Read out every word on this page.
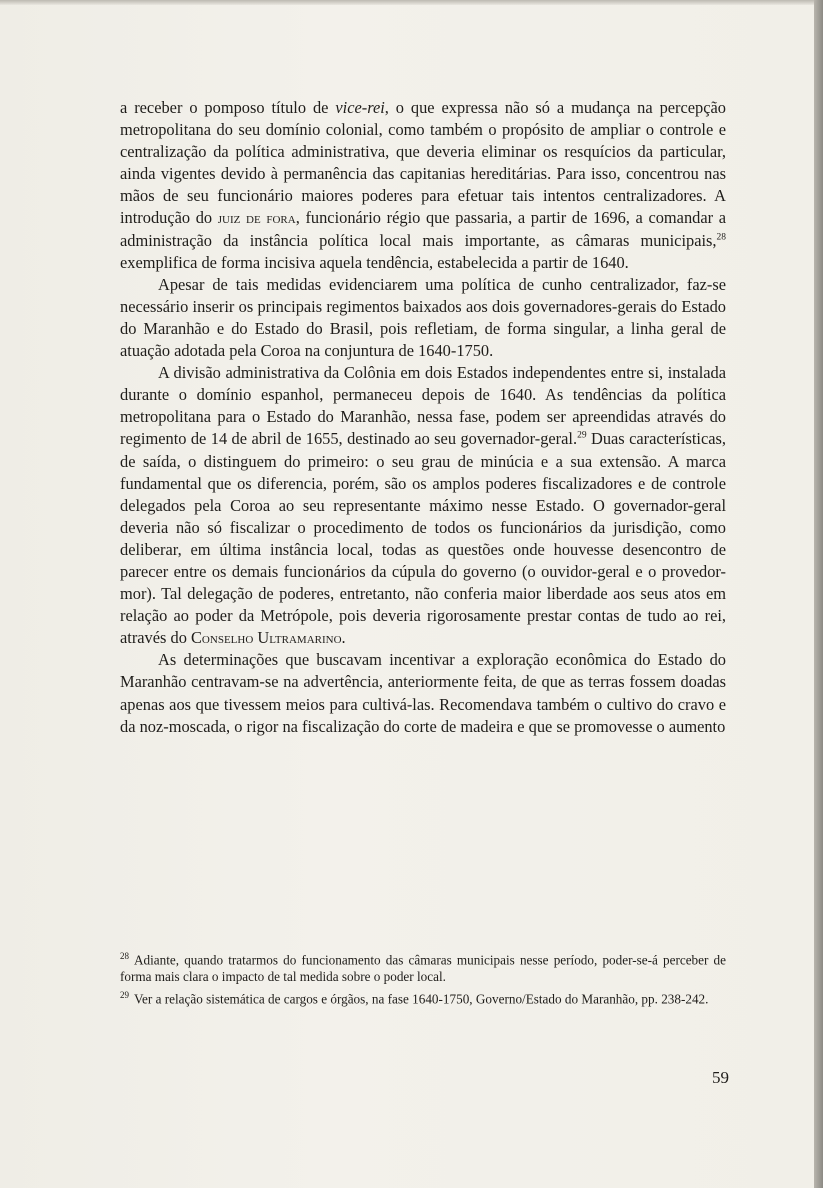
a receber o pomposo título de vice-rei, o que expressa não só a mudança na percepção metropolitana do seu domínio colonial, como também o propósito de ampliar o controle e centralização da política administrativa, que deveria eliminar os resquícios da particular, ainda vigentes devido à permanência das capitanias hereditárias. Para isso, concentrou nas mãos de seu funcionário maiores poderes para efetuar tais intentos centralizadores. A introdução do juiz de fora, funcionário régio que passaria, a partir de 1696, a comandar a administração da instância política local mais importante, as câmaras municipais,$^{28}$ exemplifica de forma incisiva aquela tendência, estabelecida a partir de 1640.

Apesar de tais medidas evidenciarem uma política de cunho centralizador, faz-se necessário inserir os principais regimentos baixados aos dois governadores-gerais do Estado do Maranhão e do Estado do Brasil, pois refletiam, de forma singular, a linha geral de atuação adotada pela Coroa na conjuntura de 1640-1750.

A divisão administrativa da Colônia em dois Estados independentes entre si, instalada durante o domínio espanhol, permaneceu depois de 1640. As tendências da política metropolitana para o Estado do Maranhão, nessa fase, podem ser apreendidas através do regimento de 14 de abril de 1655, destinado ao seu governador-geral.$^{29}$ Duas características, de saída, o distinguem do primeiro: o seu grau de minúcia e a sua extensão. A marca fundamental que os diferencia, porém, são os amplos poderes fiscalizadores e de controle delegados pela Coroa ao seu representante máximo nesse Estado. O governador-geral deveria não só fiscalizar o procedimento de todos os funcionários da jurisdição, como deliberar, em última instância local, todas as questões onde houvesse desencontro de parecer entre os demais funcionários da cúpula do governo (o ouvidor-geral e o provedor-mor). Tal delegação de poderes, entretanto, não conferia maior liberdade aos seus atos em relação ao poder da Metrópole, pois deveria rigorosamente prestar contas de tudo ao rei, através do Conselho Ultramarino.

As determinações que buscavam incentivar a exploração econômica do Estado do Maranhão centravam-se na advertência, anteriormente feita, de que as terras fossem doadas apenas aos que tivessem meios para cultivá-las. Recomendava também o cultivo do cravo e da noz-moscada, o rigor na fiscalização do corte de madeira e que se promovesse o aumento

$^{28}$ Adiante, quando tratarmos do funcionamento das câmaras municipais nesse período, poder-se-á perceber de forma mais clara o impacto de tal medida sobre o poder local.

$^{29}$ Ver a relação sistemática de cargos e órgãos, na fase 1640-1750, Governo/Estado do Maranhão, pp. 238-242.

59
